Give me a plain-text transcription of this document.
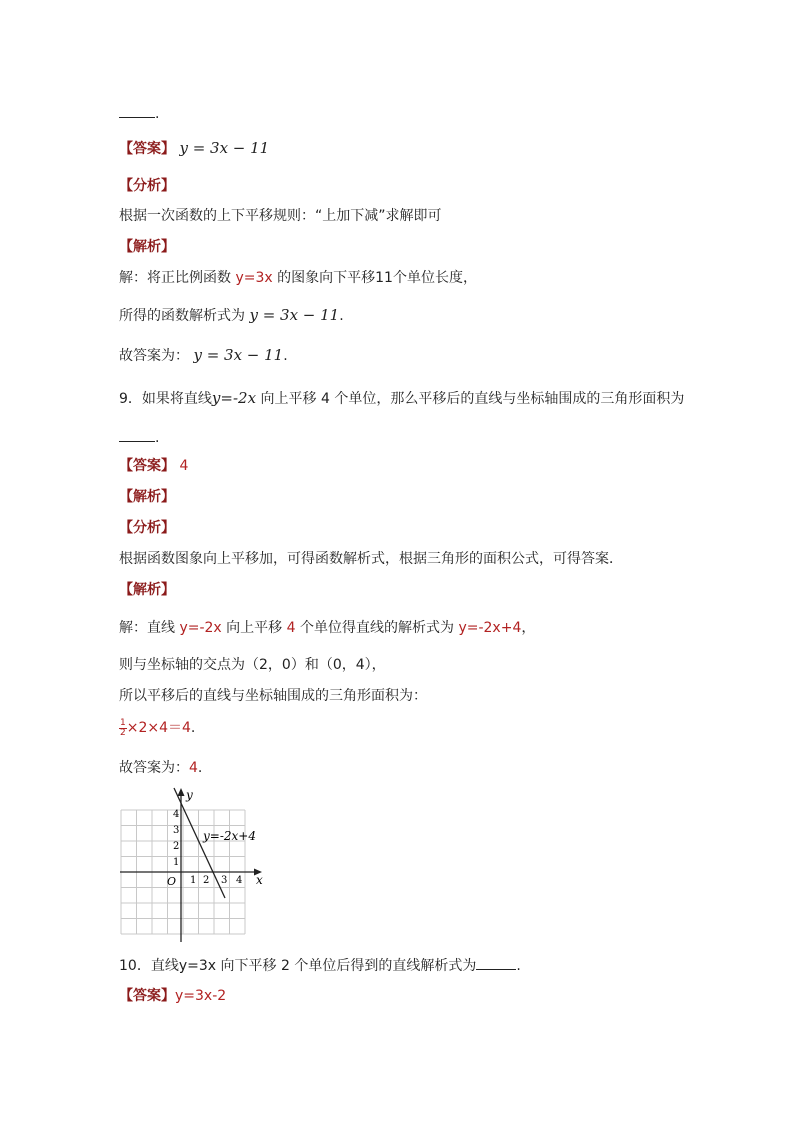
.
【答案】 y = 3x − 11
【分析】
根据一次函数的上下平移规则：“上加下减”求解即可
【解析】
解：将正比例函数 y=3x 的图象向下平移11个单位长度，
所得的函数解析式为 y = 3x − 11.
故答案为： y = 3x − 11.
9．如果将直线y=-2x 向上平移 4 个单位，那么平移后的直线与坐标轴围成的三角形面积为
.
【答案】 4
【解析】
【分析】
根据函数图象向上平移加，可得函数解析式，根据三角形的面积公式，可得答案．
【解析】
解：直线 y=-2x 向上平移 4 个单位得直线的解析式为 y=-2x+4，
则与坐标轴的交点为（2，0）和（0，4），
所以平移后的直线与坐标轴围成的三角形面积为：
$\frac{1}{2} \times 2\times 4=4$.
故答案为：4.
y
x
O
y=-2x+4
1 2 3 4
1
2
3
4
10．直线y=3x 向下平移 2 个单位后得到的直线解析式为	.
【答案】y=3x-2
